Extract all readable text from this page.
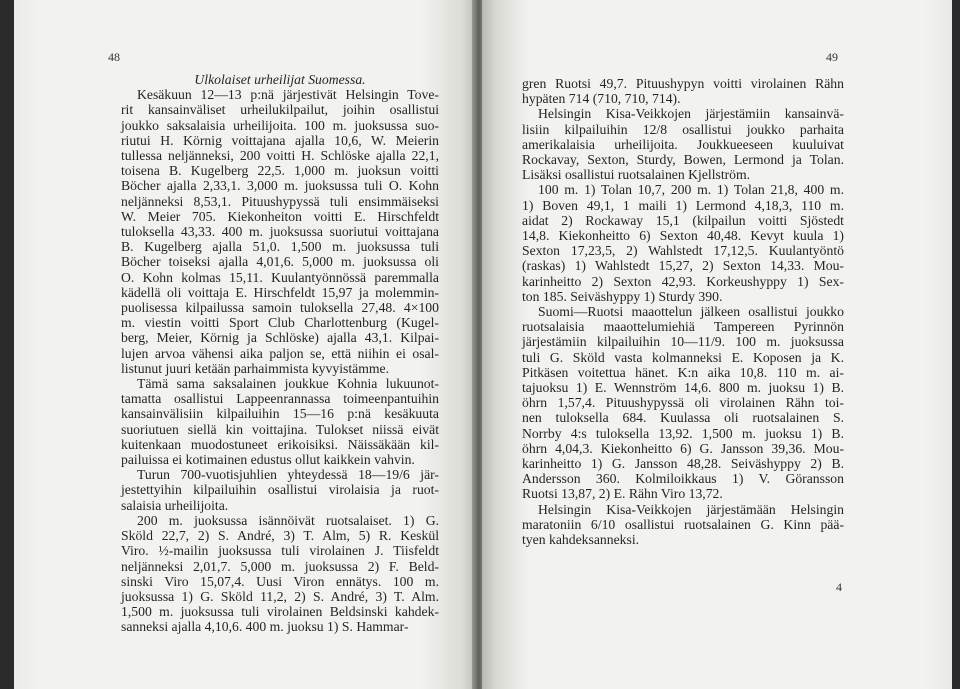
48	49
4
Ulkolaiset urheilijat Suomessa.
Kesäkuun 12—13 p:nä järjestivät Helsingin Tove-
rit kansainväliset urheilukilpailut, joihin osallistui
joukko saksalaisia urheilijoita. 100 m. juoksussa suo-
riutui H. Körnig voittajana ajalla 10,6, W. Meierin
tullessa neljänneksi, 200 voitti H. Schlöske ajalla 22,1,
toisena B. Kugelberg 22,5. 1,000 m. juoksun voitti
Böcher ajalla 2,33,1. 3,000 m. juoksussa tuli O. Kohn
neljänneksi 8,53,1. Pituushypyssä tuli ensimmäiseksi
W. Meier 705. Kiekonheiton voitti E. Hirschfeldt
tuloksella 43,33. 400 m. juoksussa suoriutui voittajana
B. Kugelberg ajalla 51,0. 1,500 m. juoksussa tuli
Böcher toiseksi ajalla 4,01,6. 5,000 m. juoksussa oli
O. Kohn kolmas 15,11. Kuulantyönnössä paremmalla
kädellä oli voittaja E. Hirschfeldt 15,97 ja molemmin-
puolisessa kilpailussa samoin tuloksella 27,48. 4×100
m. viestin voitti Sport Club Charlottenburg (Kugel-
berg, Meier, Körnig ja Schlöske) ajalla 43,1. Kilpai-
lujen arvoa vähensi aika paljon se, että niihin ei osal-
listunut juuri ketään parhaimmista kyvyistämme.
Tämä sama saksalainen joukkue Kohnia lukuunot-
tamatta osallistui Lappeenrannassa toimeenpantuihin
kansainvälisiin kilpailuihin 15—16 p:nä kesäkuuta
suoriutuen siellä kin voittajina. Tulokset niissä eivät
kuitenkaan muodostuneet erikoisiksi. Näissäkään kil-
pailuissa ei kotimainen edustus ollut kaikkein vahvin.
Turun 700-vuotisjuhlien yhteydessä 18—19/6 jär-
jestettyihin kilpailuihin osallistui virolaisia ja ruot-
salaisia urheilijoita.
200 m. juoksussa isännöivät ruotsalaiset. 1) G.
Sköld 22,7, 2) S. André, 3) T. Alm, 5) R. Keskül
Viro. ½-mailin juoksussa tuli virolainen J. Tiisfeldt
neljänneksi 2,01,7. 5,000 m. juoksussa 2) F. Beld-
sinski Viro 15,07,4. Uusi Viron ennätys. 100 m.
juoksussa 1) G. Sköld 11,2, 2) S. André, 3) T. Alm.
1,500 m. juoksussa tuli virolainen Beldsinski kahdek-
sanneksi ajalla 4,10,6. 400 m. juoksu 1) S. Hammar-
gren Ruotsi 49,7. Pituushypyn voitti virolainen Rähn
hypäten 714 (710, 710, 714).
Helsingin Kisa-Veikkojen järjestämiin kansainvä-
lisiin kilpailuihin 12/8 osallistui joukko parhaita
amerikalaisia urheilijoita. Joukkueeseen kuuluivat
Rockavay, Sexton, Sturdy, Bowen, Lermond ja Tolan.
Lisäksi osallistui ruotsalainen Kjellström.
100 m. 1) Tolan 10,7, 200 m. 1) Tolan 21,8, 400 m.
1) Boven 49,1, 1 maili 1) Lermond 4,18,3, 110 m.
aidat 2) Rockaway 15,1 (kilpailun voitti Sjöstedt
14,8. Kiekonheitto 6) Sexton 40,48. Kevyt kuula 1)
Sexton 17,23,5, 2) Wahlstedt 17,12,5. Kuulantyöntö
(raskas) 1) Wahlstedt 15,27, 2) Sexton 14,33. Mou-
karinheitto 2) Sexton 42,93. Korkeushyppy 1) Sex-
ton 185. Seiväshyppy 1) Sturdy 390.
Suomi—Ruotsi maaottelun jälkeen osallistui joukko
ruotsalaisia maaottelumiehiä Tampereen Pyrinnön
järjestämiin kilpailuihin 10—11/9. 100 m. juoksussa
tuli G. Sköld vasta kolmanneksi E. Koposen ja K.
Pitkäsen voitettua hänet. K:n aika 10,8. 110 m. ai-
tajuoksu 1) E. Wennström 14,6. 800 m. juoksu 1) B.
öhrn 1,57,4. Pituushypyssä oli virolainen Rähn toi-
nen tuloksella 684. Kuulassa oli ruotsalainen S.
Norrby 4:s tuloksella 13,92. 1,500 m. juoksu 1) B.
öhrn 4,04,3. Kiekonheitto 6) G. Jansson 39,36. Mou-
karinheitto 1) G. Jansson 48,28. Seiväshyppy 2) B.
Andersson 360. Kolmiloikkaus 1) V. Göransson
Ruotsi 13,87, 2) E. Rähn Viro 13,72.
Helsingin Kisa-Veikkojen järjestämään Helsingin
maratoniin 6/10 osallistui ruotsalainen G. Kinn pää-
tyen kahdeksanneksi.
